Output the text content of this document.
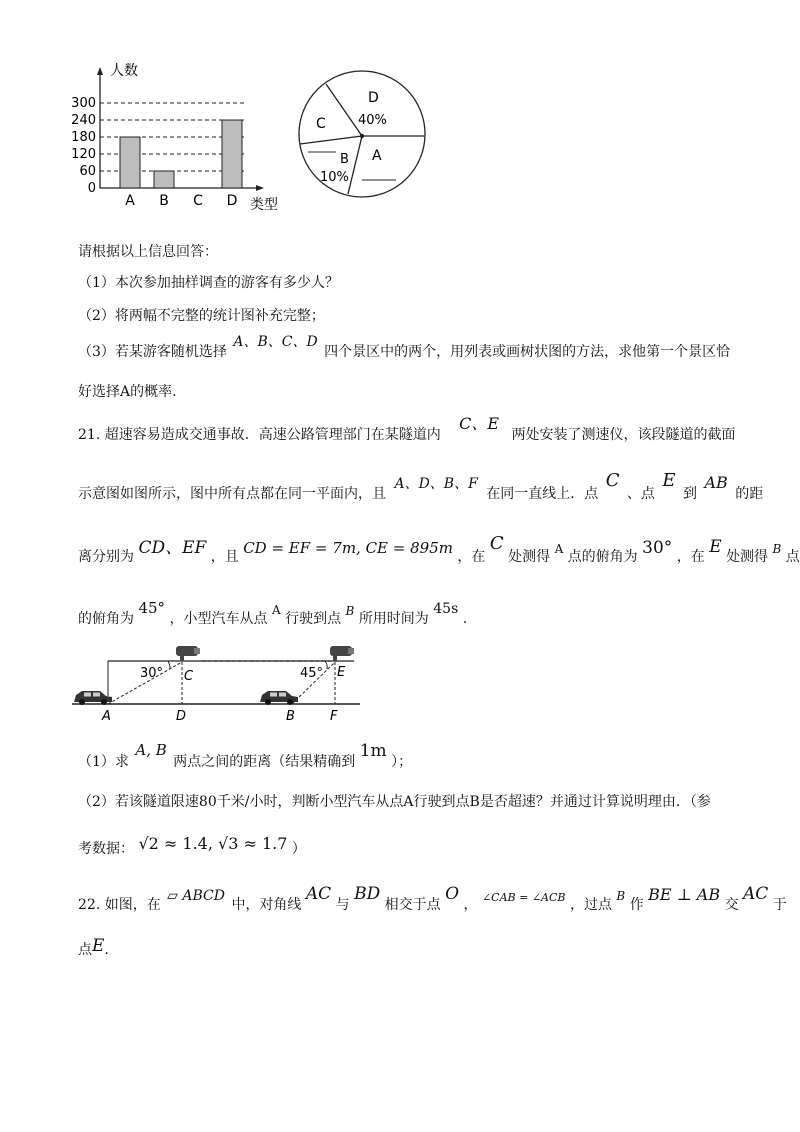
300
240
180
120
60
0
A B C D
人数
类型
D
40%
C
B
10%
A
请根据以上信息回答：
（1）本次参加抽样调查的游客有多少人？
（2）将两幅不完整的统计图补充完整；
（3）若某游客随机选择 A、B、C、D 四个景区中的两个，用列表或画树状图的方法，求他第一个景区恰
好选择A的概率.
21. 超速容易造成交通事故．高速公路管理部门在某隧道内 C、E 两处安装了测速仪，该段隧道的截面
示意图如图所示，图中所有点都在同一平面内，且 A、D、B、F 在同一直线上．点 C 、点 E 到 AB 的距
离分别为 CD、EF ，且 CD = EF = 7m, CE = 895m ，在 C 处测得 A 点的俯角为 30° ，在 E 处测得 B 点
的俯角为 45° ，小型汽车从点 A 行驶到点 B 所用时间为 45s .
30°	45°
C	E
A	D	B	F
（1）求 A, B 两点之间的距离（结果精确到 1m ）；
（2）若该隧道限速80千米/小时，判断小型汽车从点A行驶到点B是否超速？并通过计算说明理由．（参
考数据： √2 ≈ 1.4, √3 ≈ 1.7 ）
22. 如图，在 ▱ ABCD 中，对角线 AC 与 BD 相交于点 O ， $^{\angle CAB = \angle ACB}$ ，过点 B 作 BE ⊥ AB 交 AC 于
点E.
